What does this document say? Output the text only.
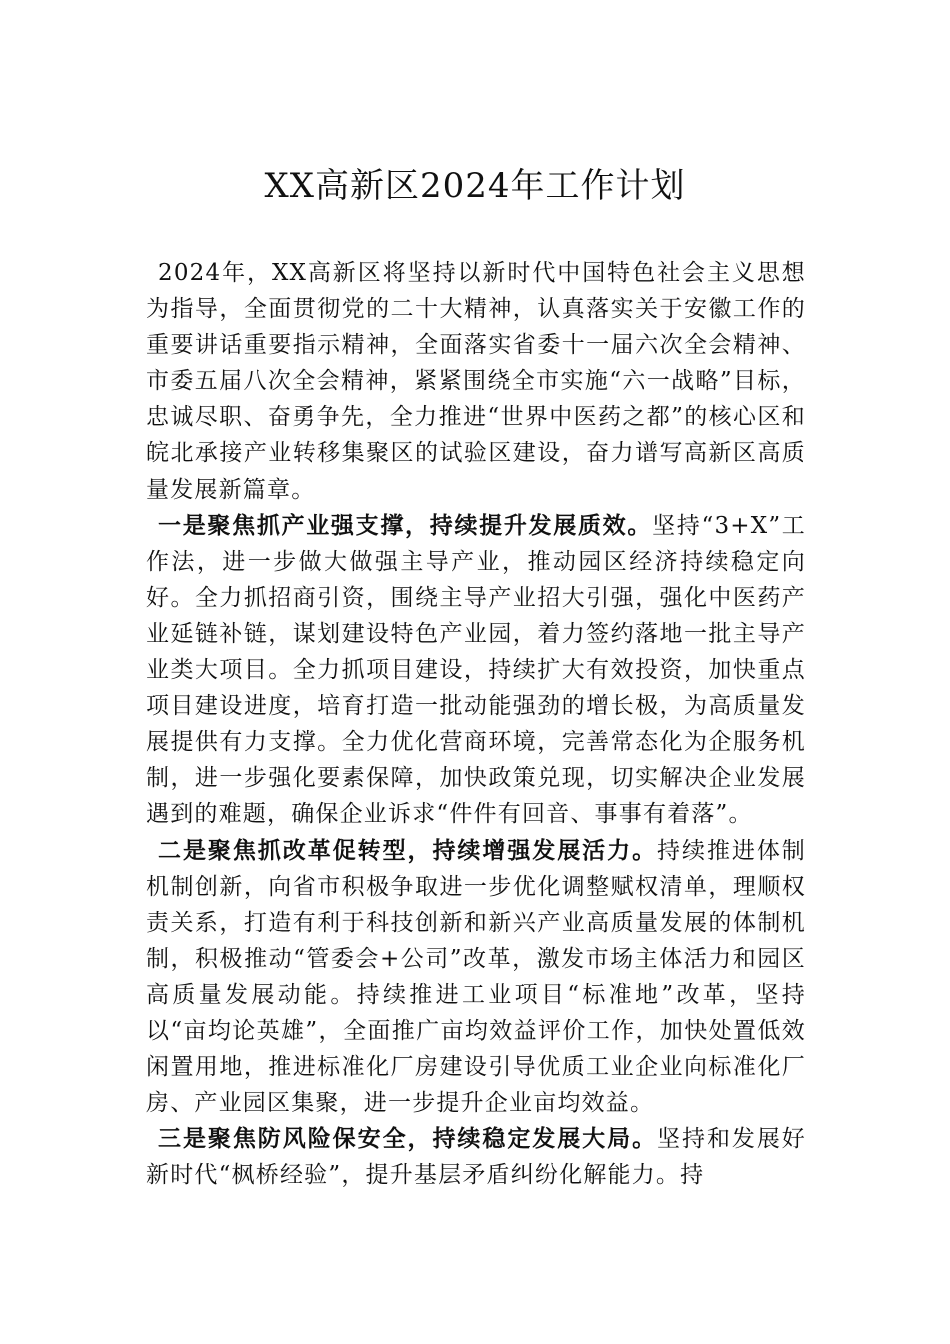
XX高新区2024年工作计划

2024年，XX高新区将坚持以新时代中国特色社会主义思想为指导，全面贯彻党的二十大精神，认真落实关于安徽工作的重要讲话重要指示精神，全面落实省委十一届六次全会精神、市委五届八次全会精神，紧紧围绕全市实施“六一战略”目标，忠诚尽职、奋勇争先，全力推进“世界中医药之都”的核心区和皖北承接产业转移集聚区的试验区建设，奋力谱写高新区高质量发展新篇章。

一是聚焦抓产业强支撑，持续提升发展质效。坚持“3+X”工作法，进一步做大做强主导产业，推动园区经济持续稳定向好。全力抓招商引资，围绕主导产业招大引强，强化中医药产业延链补链，谋划建设特色产业园，着力签约落地一批主导产业类大项目。全力抓项目建设，持续扩大有效投资，加快重点项目建设进度，培育打造一批动能强劲的增长极，为高质量发展提供有力支撑。全力优化营商环境，完善常态化为企服务机制，进一步强化要素保障，加快政策兑现，切实解决企业发展遇到的难题，确保企业诉求“件件有回音、事事有着落”。

二是聚焦抓改革促转型，持续增强发展活力。持续推进体制机制创新，向省市积极争取进一步优化调整赋权清单，理顺权责关系，打造有利于科技创新和新兴产业高质量发展的体制机制，积极推动“管委会+公司”改革，激发市场主体活力和园区高质量发展动能。持续推进工业项目“标准地”改革，坚持以“亩均论英雄”，全面推广亩均效益评价工作，加快处置低效闲置用地，推进标准化厂房建设引导优质工业企业向标准化厂房、产业园区集聚，进一步提升企业亩均效益。

三是聚焦防风险保安全，持续稳定发展大局。坚持和发展好新时代“枫桥经验”，提升基层矛盾纠纷化解能力。持
